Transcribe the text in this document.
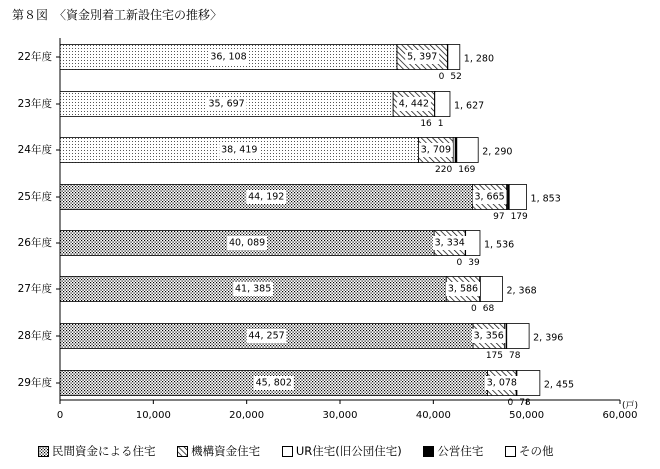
第８図　〈資金別着工新設住宅の推移〉
0	10,000	20,000	30,000	40,000	50,000	60,000
22年度	36, 108	5, 397	1, 280
0 52
23年度	35, 697	4, 442	1, 627
16 1
24年度	38, 419	3, 709	2, 290
220 169
25年度	44, 192	3, 665	1, 853
97 179
26年度	40, 089	3, 334 1, 536
0 39
27年度	41, 385	3, 586	2, 368
0 68
28年度	44, 257	3, 356	2, 396
175 78
29年度	45, 802	3, 078	2, 455
0 78	(戸)
民間資金による住宅
	機構資金住宅
	UR住宅(旧公団住宅)
	公営住宅
	その他
